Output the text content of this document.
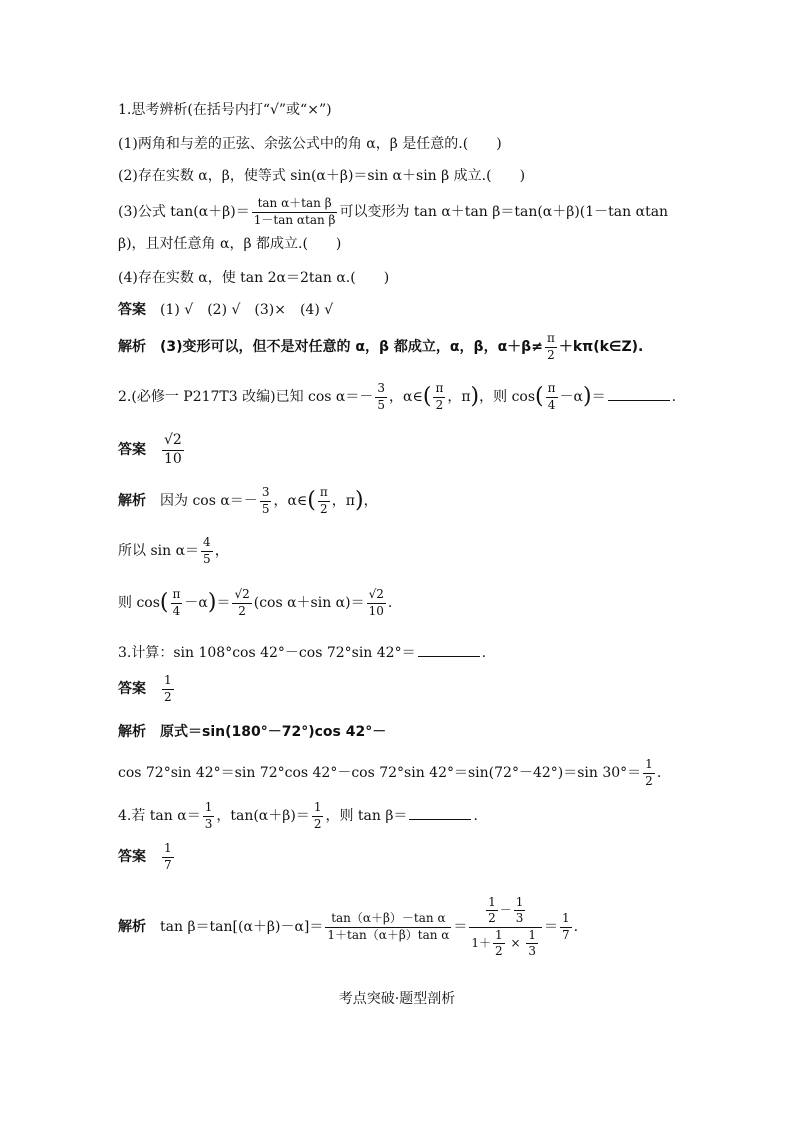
1.思考辨析(在括号内打“√”或“×”)
(1)两角和与差的正弦、余弦公式中的角 α，β 是任意的.(　　)
(2)存在实数 α，β，使等式 sin(α＋β)＝sin α＋sin β 成立.(　　)
(3)公式 $\tan(\alpha+\beta)= \frac{\text{tan α＋tan β}}{\text{1－tan αtan β}}$ 可以变形为 tan α＋tan β＝tan(α＋β)(1－tan αtan
β)，且对任意角 α，β 都成立.(　　)
(4)存在实数 α，使 tan 2α＝2tan α.(　　)
答案 (1) √　(2) √　(3)×　(4) √
解析 (3)变形可以，但不是对任意的 α，β 都成立，α，β，$\alpha+\beta\ne \frac{\pi}{2}$ ＋kπ(k∈Z).
2.(必修一 P217T3 改编)已知 $\cos \alpha=- \frac{3}{5}$ ，α∈( $\frac{\pi}{2}$ ，π)，则 $\cos( \frac{\pi}{4} -\alpha)=$	.
答案 $\frac{√2}{10}$
解析 因为 $\cos \alpha=- \frac{3}{5}$ ，α∈( $\frac{\pi}{2}$ ，π)，
所以 $\sin \alpha= \frac{4}{5}$ ，
则 $\cos( \frac{\pi}{4} -\alpha)= \frac{√2}{2} (\cos$ α＋sin $\alpha)= \frac{√2}{10}$ .
3.计算：sin 108°cos 42°－cos 72°sin 42°＝	.
答案 $\frac{1}{2}$
解析 原式＝sin(180°－72°)cos 42°－
cos 72°sin 42°＝sin 72°cos 42°－cos 72°sin 42°＝sin(72°－42°)＝sin $30^\circ= \frac{1}{2}$ .
4.若 $\tan \alpha= \frac{1}{3}$ ，$\tan(\alpha+\beta)= \frac{1}{2}$ ，则 tan β＝	.
答案 $\frac{1}{7}$
解析 $\tan \beta=\tan[(\alpha+\beta)-\alpha]= \frac{\text{tan（α＋β）－tan α}}{\text{1＋tan（α＋β）tan α}} = \frac{\frac{1}{2} - \frac{1}{3}}{1+ \frac{1}{2} \times \frac{1}{3}} = \frac{1}{7}$ .
考点突破·题型剖析
